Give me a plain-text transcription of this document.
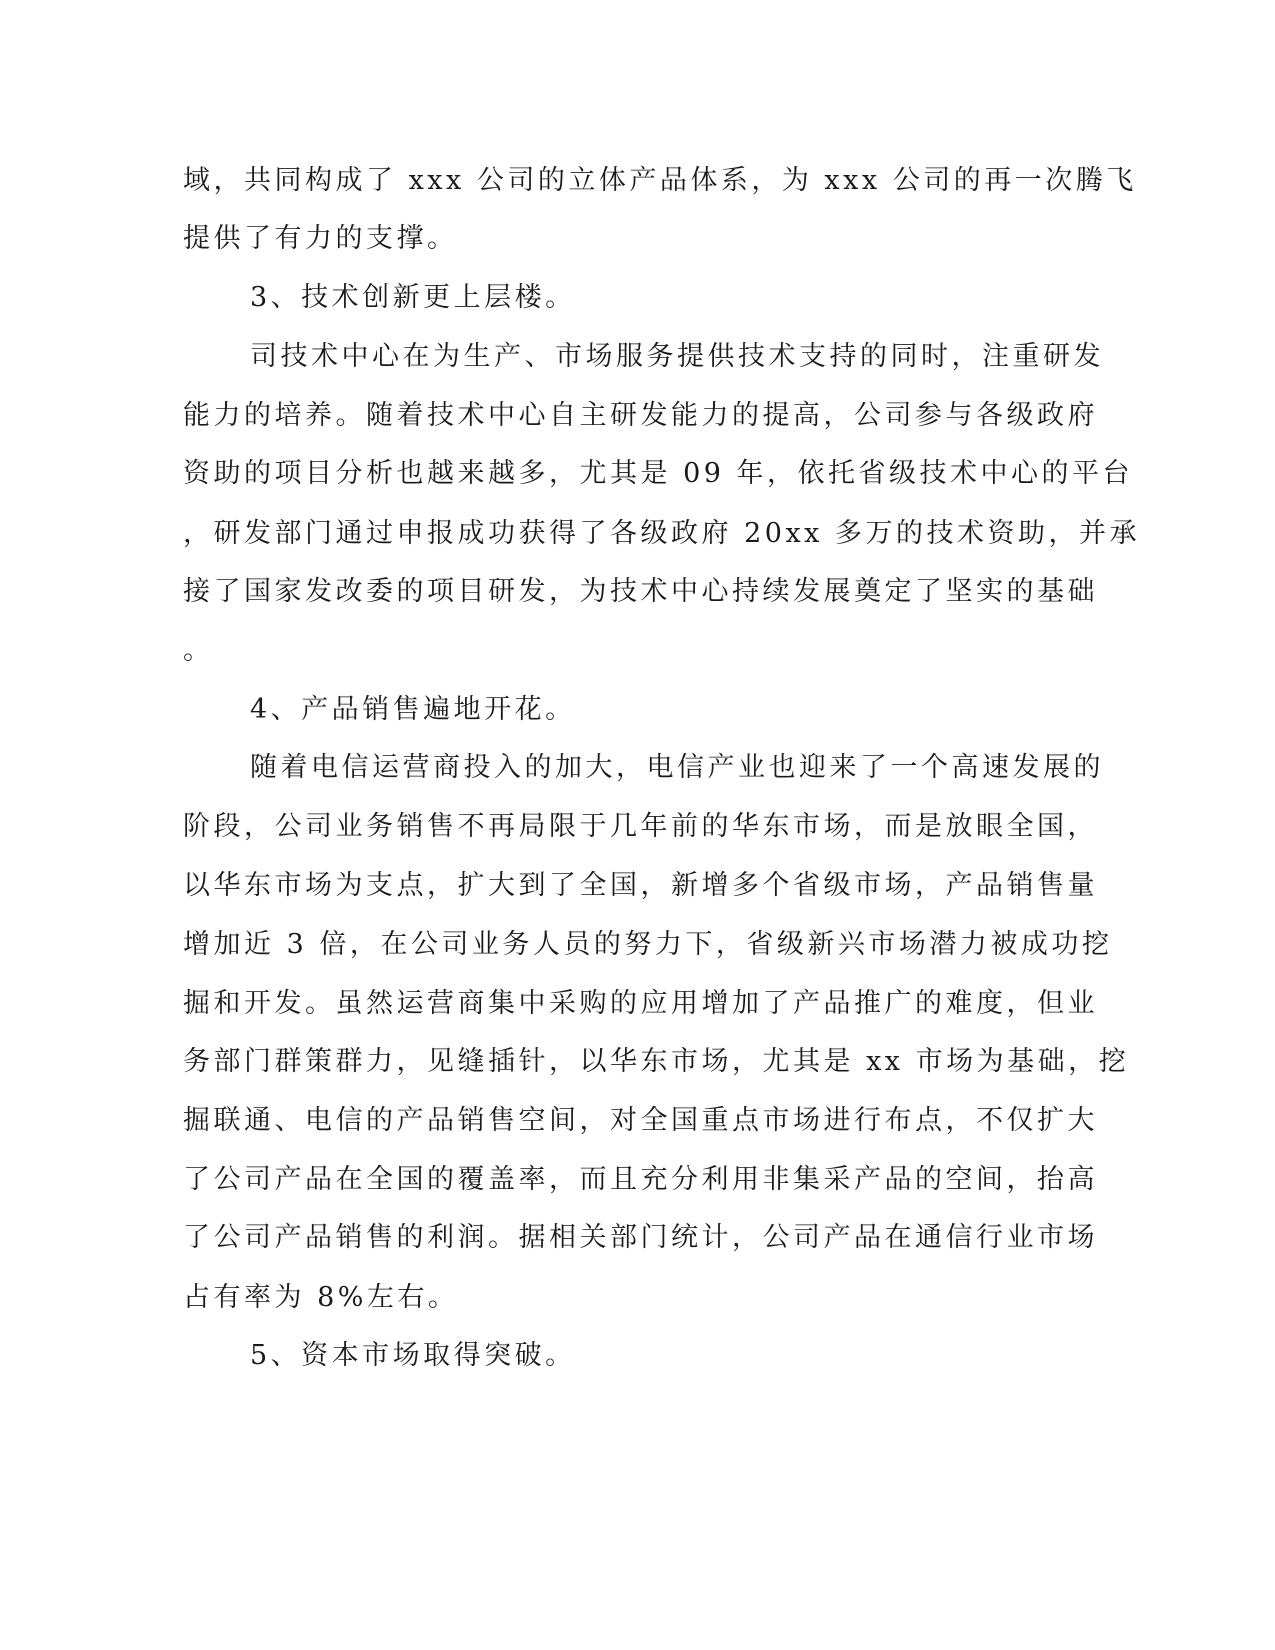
域，共同构成了 xxx 公司的立体产品体系，为 xxx 公司的再一次腾飞

提供了有力的支撑。

3、技术创新更上层楼。

司技术中心在为生产、市场服务提供技术支持的同时，注重研发

能力的培养。随着技术中心自主研发能力的提高，公司参与各级政府

资助的项目分析也越来越多，尤其是 09 年，依托省级技术中心的平台

，研发部门通过申报成功获得了各级政府 20xx 多万的技术资助，并承

接了国家发改委的项目研发，为技术中心持续发展奠定了坚实的基础

。

4、产品销售遍地开花。

随着电信运营商投入的加大，电信产业也迎来了一个高速发展的

阶段，公司业务销售不再局限于几年前的华东市场，而是放眼全国，

以华东市场为支点，扩大到了全国，新增多个省级市场，产品销售量

增加近 3 倍，在公司业务人员的努力下，省级新兴市场潜力被成功挖

掘和开发。虽然运营商集中采购的应用增加了产品推广的难度，但业

务部门群策群力，见缝插针，以华东市场，尤其是 xx 市场为基础，挖

掘联通、电信的产品销售空间，对全国重点市场进行布点，不仅扩大

了公司产品在全国的覆盖率，而且充分利用非集采产品的空间，抬高

了公司产品销售的利润。据相关部门统计，公司产品在通信行业市场

占有率为 8%左右。

5、资本市场取得突破。
